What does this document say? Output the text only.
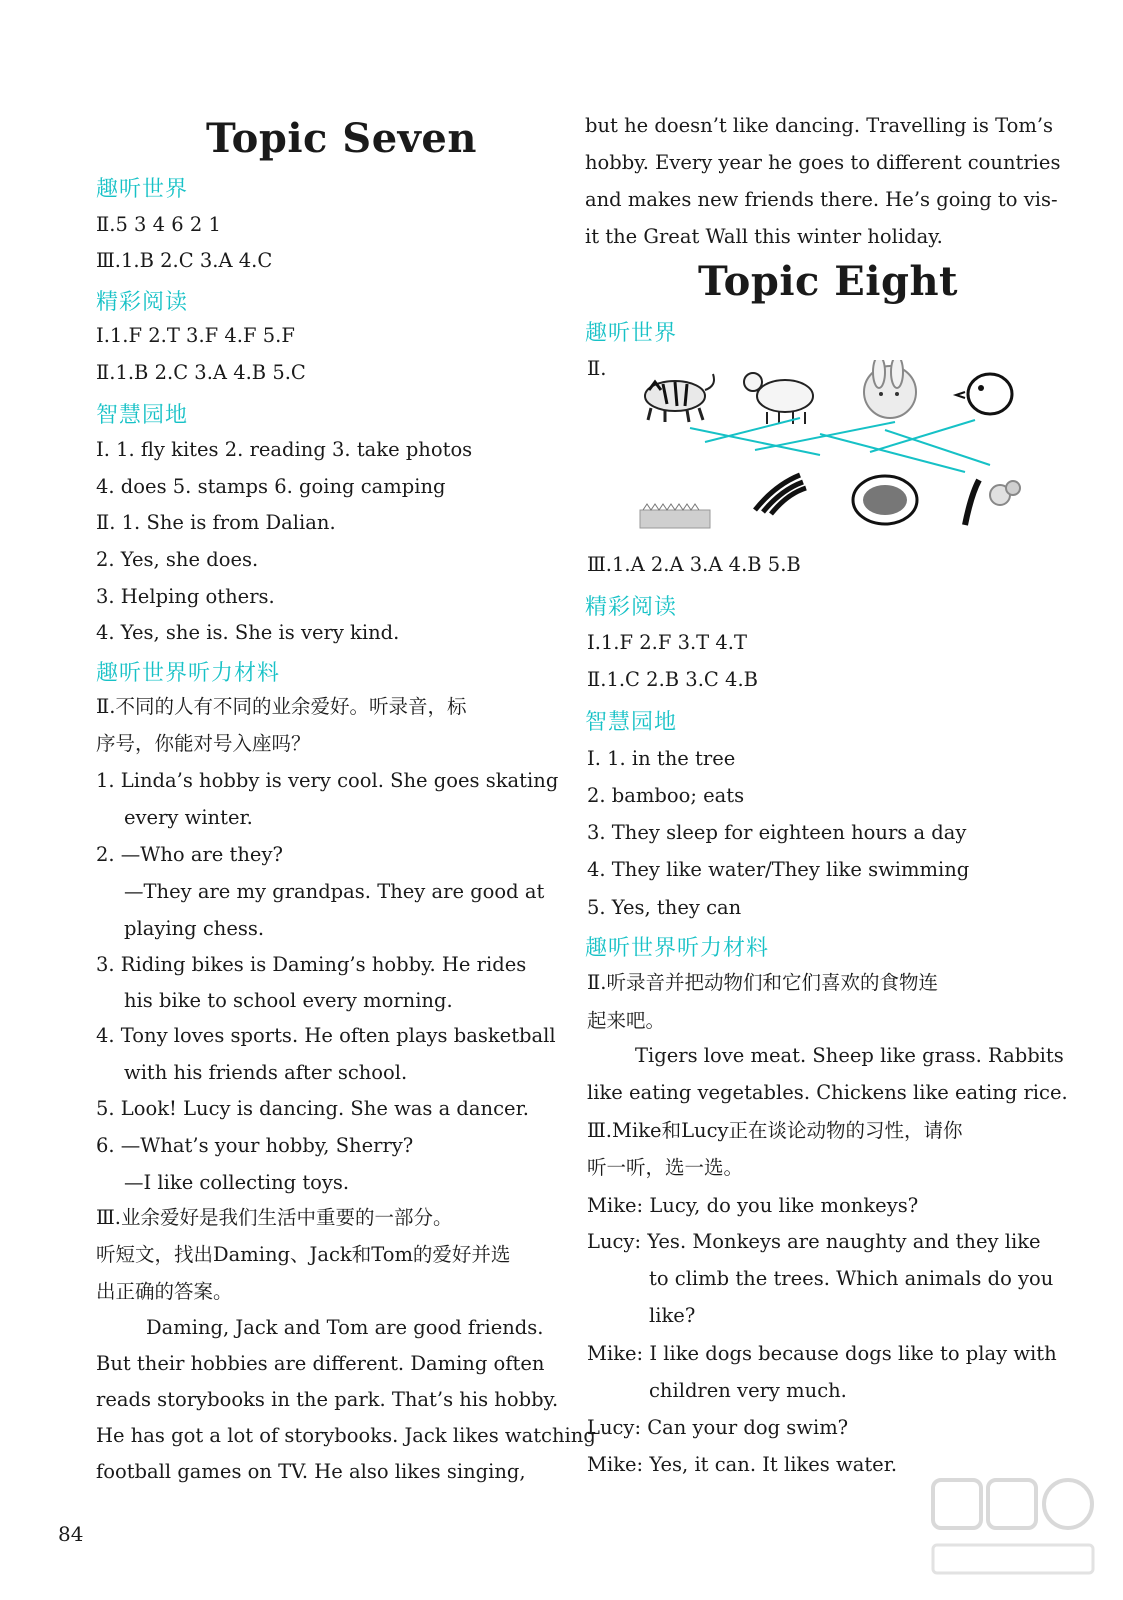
Topic Seven
趣听世界
Ⅱ.5 3 4 6 2 1
Ⅲ.1.B 2.C 3.A 4.C
精彩阅读
Ⅰ.1.F 2.T 3.F 4.F 5.F
Ⅱ.1.B 2.C 3.A 4.B 5.C
智慧园地
Ⅰ. 1. fly kites 2. reading 3. take photos
4. does 5. stamps 6. going camping
Ⅱ. 1. She is from Dalian.
2. Yes, she does.
3. Helping others.
4. Yes, she is. She is very kind.
趣听世界听力材料
Ⅱ.不同的人有不同的业余爱好。听录音，标
序号，你能对号入座吗？
1. Linda’s hobby is very cool. She goes skating
every winter.
2. —Who are they?
—They are my grandpas. They are good at
playing chess.
3. Riding bikes is Daming’s hobby. He rides
his bike to school every morning.
4. Tony loves sports. He often plays basketball
with his friends after school.
5. Look! Lucy is dancing. She was a dancer.
6. —What’s your hobby, Sherry?
—I like collecting toys.
Ⅲ.业余爱好是我们生活中重要的一部分。
听短文，找出Daming、Jack和Tom的爱好并选
出正确的答案。
Daming, Jack and Tom are good friends.
But their hobbies are different. Daming often
reads storybooks in the park. That’s his hobby.
He has got a lot of storybooks. Jack likes watching
football games on TV. He also likes singing,
but he doesn’t like dancing. Travelling is Tom’s
hobby. Every year he goes to different countries
and makes new friends there. He’s going to vis-
it the Great Wall this winter holiday.
Topic Eight
趣听世界
Ⅱ.
Ⅲ.1.A 2.A 3.A 4.B 5.B
精彩阅读
Ⅰ.1.F 2.F 3.T 4.T
Ⅱ.1.C 2.B 3.C 4.B
智慧园地
Ⅰ. 1. in the tree
2. bamboo; eats
3. They sleep for eighteen hours a day
4. They like water/They like swimming
5. Yes, they can
趣听世界听力材料
Ⅱ.听录音并把动物们和它们喜欢的食物连
起来吧。
Tigers love meat. Sheep like grass. Rabbits
like eating vegetables. Chickens like eating rice.
Ⅲ.Mike和Lucy正在谈论动物的习性，请你
听一听，选一选。
Mike: Lucy, do you like monkeys?
Lucy: Yes. Monkeys are naughty and they like
to climb the trees. Which animals do you
like?
Mike: I like dogs because dogs like to play with
children very much.
Lucy: Can your dog swim?
Mike: Yes, it can. It likes water.
84
